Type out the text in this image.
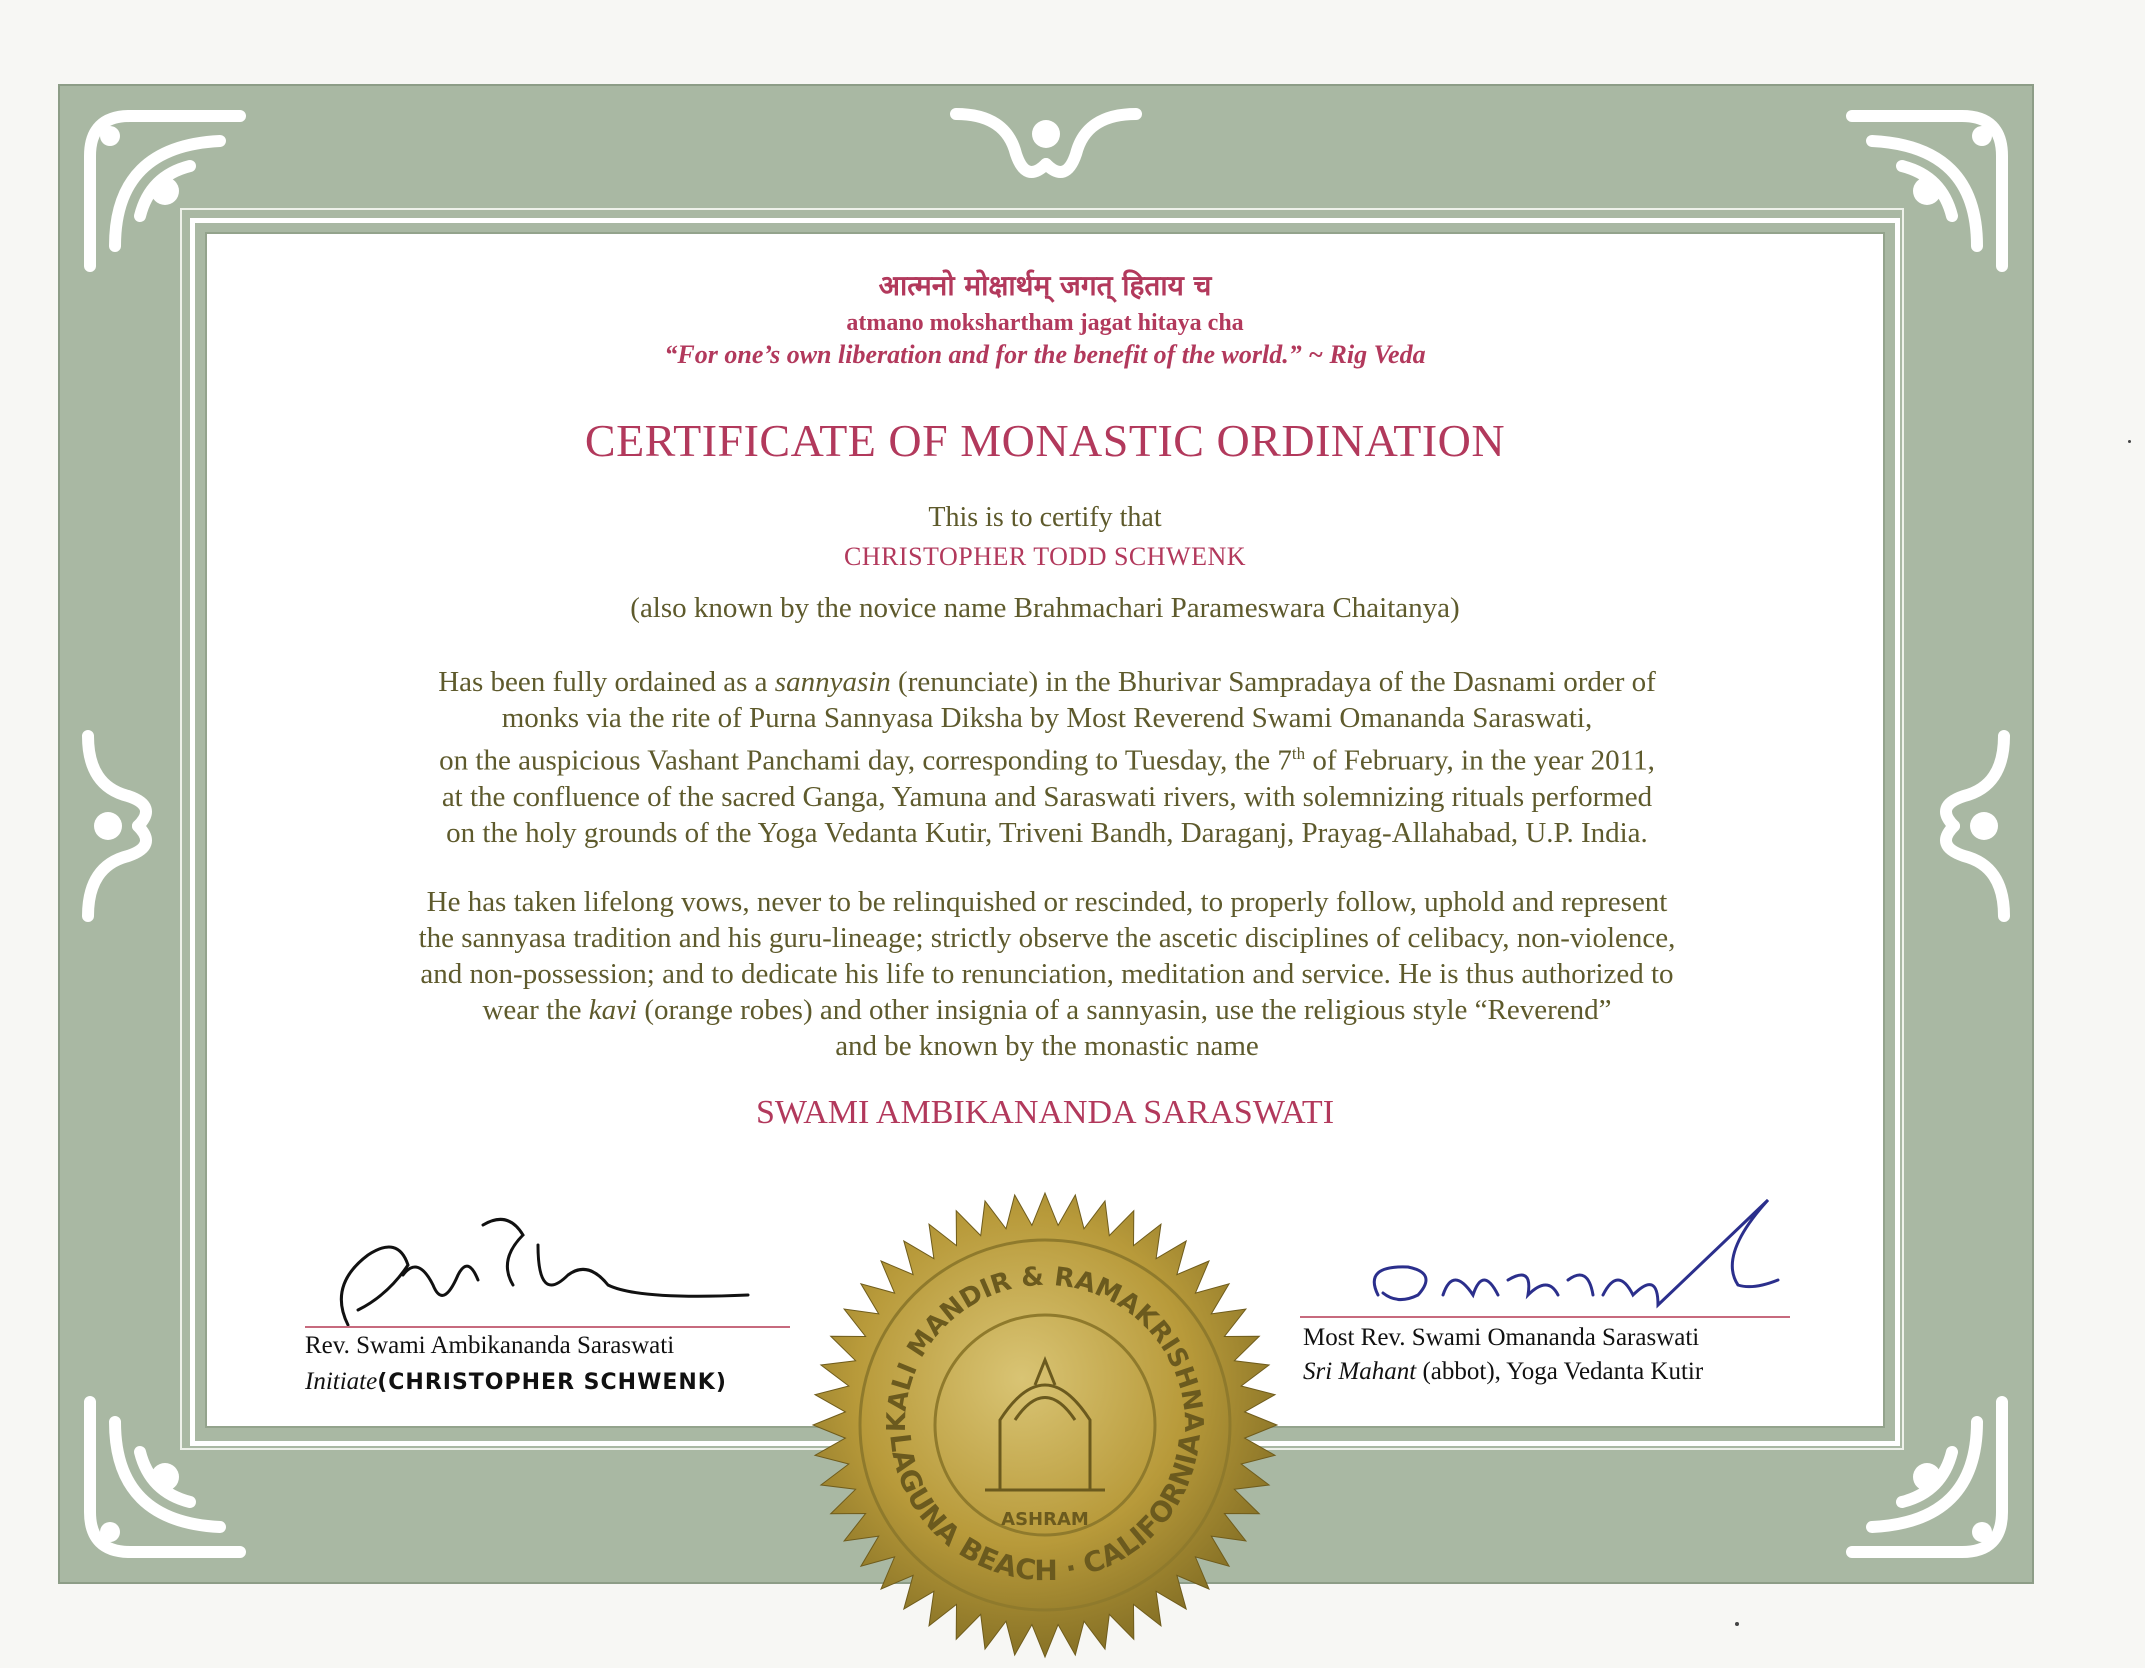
आत्मनो मोक्षार्थम् जगत् हिताय च
atmano mokshartham jagat hitaya cha
“For one’s own liberation and for the benefit of the world.” ~ Rig Veda
CERTIFICATE OF MONASTIC ORDINATION
This is to certify that
CHRISTOPHER TODD SCHWENK
(also known by the novice name Brahmachari Parameswara Chaitanya)
Has been fully ordained as a sannyasin (renunciate) in the Bhurivar Sampradaya of the Dasnami order of
monks via the rite of Purna Sannyasa Diksha by Most Reverend Swami Omananda Saraswati,
on the auspicious Vashant Panchami day, corresponding to Tuesday, the 7th of February, in the year 2011,
at the confluence of the sacred Ganga, Yamuna and Saraswati rivers, with solemnizing rituals performed
on the holy grounds of the Yoga Vedanta Kutir, Triveni Bandh, Daraganj, Prayag-Allahabad, U.P. India.
He has taken lifelong vows, never to be relinquished or rescinded, to properly follow, uphold and represent
the sannyasa tradition and his guru-lineage; strictly observe the ascetic disciplines of celibacy, non-violence,
and non-possession; and to dedicate his life to renunciation, meditation and service. He is thus authorized to
wear the kavi (orange robes) and other insignia of a sannyasin, use the religious style “Reverend”
and be known by the monastic name
SWAMI AMBIKANANDA SARASWATI
Rev. Swami Ambikananda Saraswati
Initiate(CHRISTOPHER SCHWENK)
Most Rev. Swami Omananda Saraswati
Sri Mahant (abbot), Yoga Vedanta Kutir
KALI MANDIR & RAMAKRISHNA
LAGUNA BEACH · CALIFORNIA
ASHRAM
